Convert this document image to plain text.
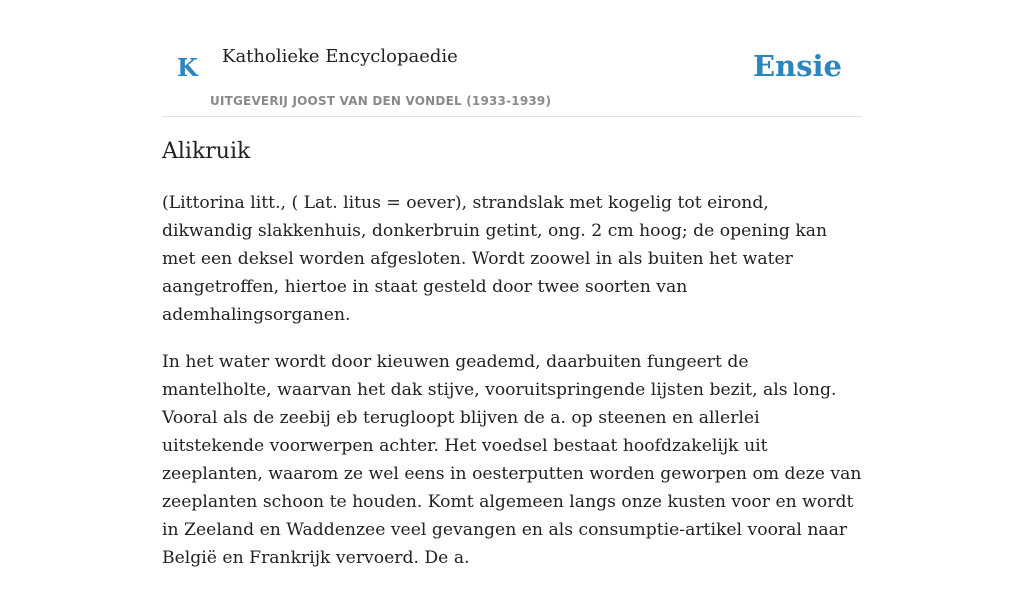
K Katholieke Encyclopaedie
UITGEVERIJ JOOST VAN DEN VONDEL (1933-1939)
Ensie
Alikruik

(Littorina litt., ( Lat. litus = oever), strandslak met kogelig tot eirond, dikwandig slakkenhuis, donkerbruin getint, ong. 2 cm hoog; de opening kan met een deksel worden afgesloten. Wordt zoowel in als buiten het water aangetroffen, hiertoe in staat gesteld door twee soorten van ademhalingsorganen.

In het water wordt door kieuwen geademd, daarbuiten fungeert de mantelholte, waarvan het dak stijve, vooruitspringende lijsten bezit, als long. Vooral als de zeebij eb terugloopt blijven de a. op steenen en allerlei uitstekende voorwerpen achter. Het voedsel bestaat hoofdzakelijk uit zeeplanten, waarom ze wel eens in oesterputten worden geworpen om deze van zeeplanten schoon te houden. Komt algemeen langs onze kusten voor en wordt in Zeeland en Waddenzee veel gevangen en als consumptie-artikel vooral naar België en Frankrijk vervoerd. De a.
